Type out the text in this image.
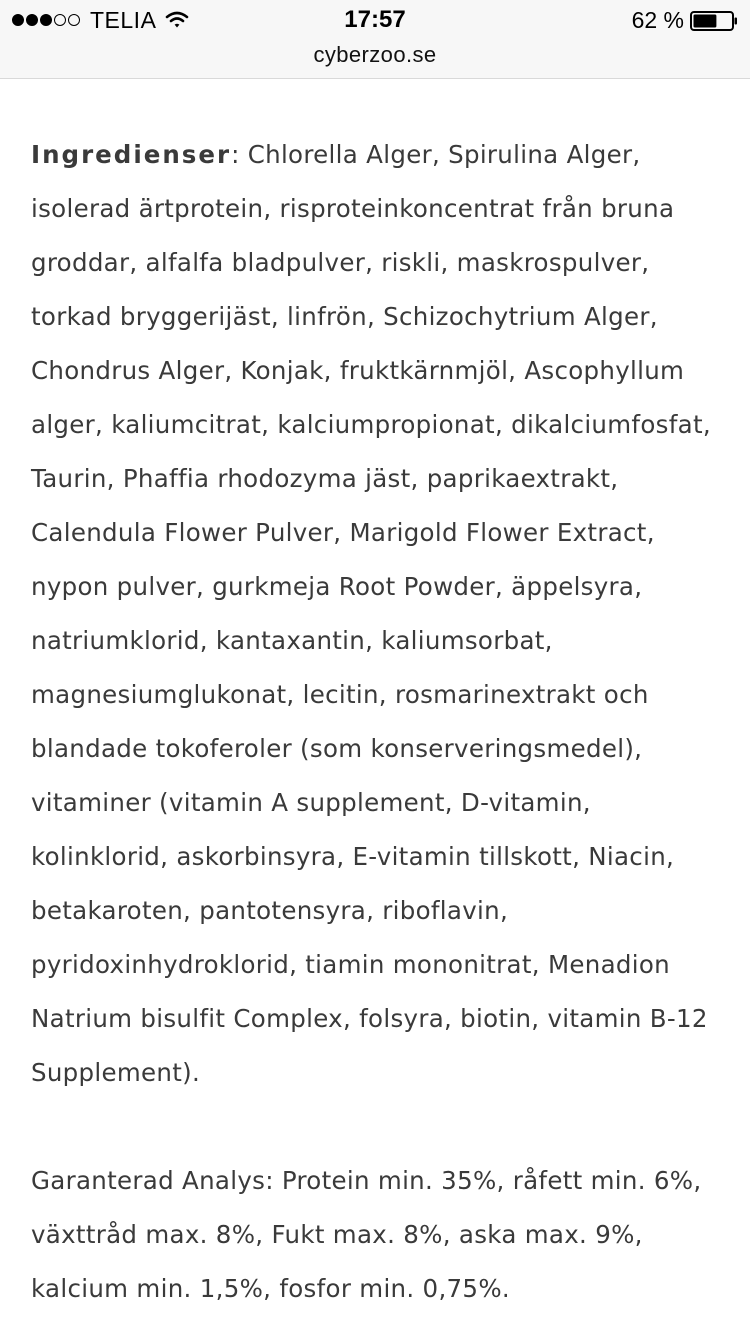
TELIA	17:57	62 %
cyberzoo.se

Ingredienser: Chlorella Alger, Spirulina Alger, isolerad ärtprotein, risproteinkoncentrat från bruna groddar, alfalfa bladpulver, riskli, maskrospulver, torkad bryggerijäst, linfrön, Schizochytrium Alger, Chondrus Alger, Konjak, fruktkärnmjöl, Ascophyllum alger, kaliumcitrat, kalciumpropionat, dikalciumfosfat, Taurin, Phaffia rhodozyma jäst, paprikaextrakt, Calendula Flower Pulver, Marigold Flower Extract, nypon pulver, gurkmeja Root Powder, äppelsyra, natriumklorid, kantaxantin, kaliumsorbat, magnesiumglukonat, lecitin, rosmarinextrakt och blandade tokoferoler (som konserveringsmedel), vitaminer (vitamin A supplement, D-vitamin, kolinklorid, askorbinsyra, E-vitamin tillskott, Niacin, betakaroten, pantotensyra, riboflavin, pyridoxinhydroklorid, tiamin mononitrat, Menadion Natrium bisulfit Complex, folsyra, biotin, vitamin B-12 Supplement).

Garanterad Analys: Protein min. 35%, råfett min. 6%, växttråd max. 8%, Fukt max. 8%, aska max. 9%, kalcium min. 1,5%, fosfor min. 0,75%.
